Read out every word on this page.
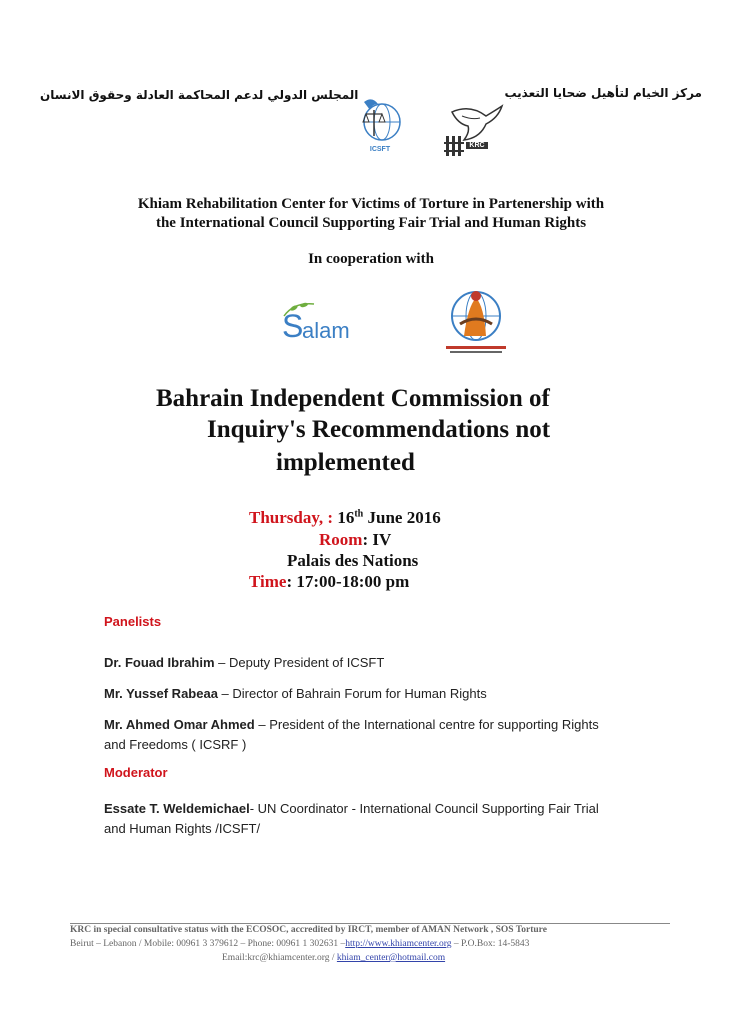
مركز الخيام لتأهيل ضحايا التعذيب
المجلس الدولي لدعم المحاكمة العادلة وحقوق الانسان
ICSFT
KRC
Khiam Rehabilitation Center for Victims of Torture in Partenership with
the International Council Supporting Fair Trial and Human Rights
In cooperation with
S
alam
Bahrain Independent Commission of
Inquiry's Recommendations not
implemented
Thursday, : 16th June 2016
Room: IV
Palais des Nations
Time: 17:00-18:00 pm
Panelists
Dr. Fouad Ibrahim – Deputy President of ICSFT
Mr. Yussef Rabeaa – Director of Bahrain Forum for Human Rights
Mr. Ahmed Omar Ahmed – President of the International centre for supporting Rights
and Freedoms ( ICSRF )
Moderator
Essate T. Weldemichael- UN Coordinator - International Council Supporting Fair Trial
and Human Rights /ICSFT/
KRC in special consultative status with the ECOSOC, accredited by IRCT, member of AMAN Network , SOS Torture
Beirut – Lebanon / Mobile: 00961 3 379612 – Phone: 00961 1 302631 –http://www.khiamcenter.org – P.O.Box: 14-5843
Email:krc@khiamcenter.org / khiam_center@hotmail.com
